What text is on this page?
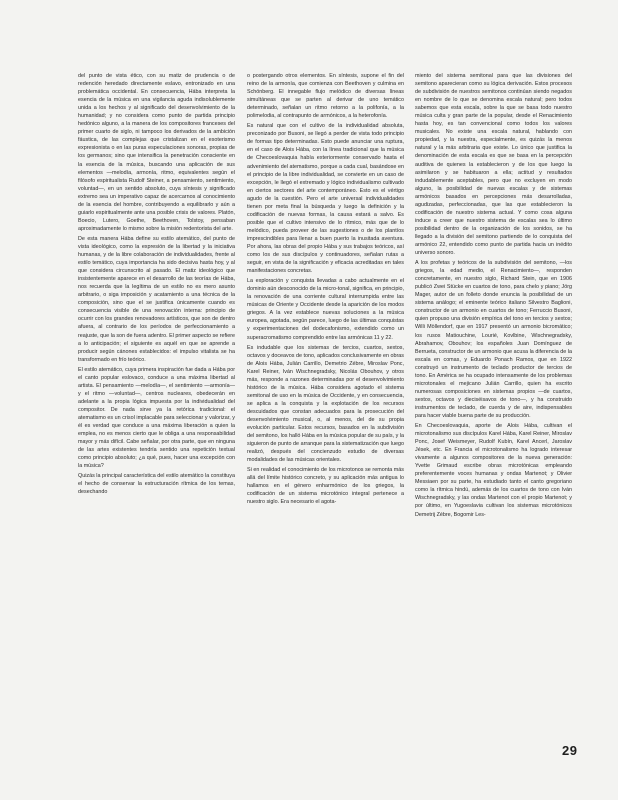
del punto de vista ético, con su matiz de prudencia o de redención heredado directamente eslavo, entronizado en una problemática occidental. En consecuencia, Hába interpreta la esencia de la música en una vigilancia aguda indisolublemente unida a los hechos y al significado del desenvolvimiento de la humanidad; y no considera como punto de partida principio hedónico alguno, a la manera de los compositores franceses del primer cuarto de siglo, ni tampoco los derivados de la ambición fáustica, de las complejas que cristalizan en el esoterismo expresionista o en las puras especulaciones sonoras, propias de los germanos; sino que intensifica la penetración consciente en la esencia de la música, buscando una aplicación de sus elementos —melodía, armonía, ritmo, equivalentes según el filósofo espiritualista Rudolf Steiner, a pensamiento, sentimiento, voluntad—, en un sentido absoluto, cuya síntesis y significado extremo sea un imperativo capaz de acercarnos al conocimiento de la esencia del hombre, contribuyendo a equilibrarlo y aún a guiarlo espiritualmente ante una posible crisis de valores. Platón, Boecio, Lutero, Goethe, Beethoven, Tolstoy, pensaban aproximadamente lo mismo sobre la misión redentorista del arte.

De esta manera Hába define su estilo atemático, del punto de vista ideológico, como la expresión de la libertad y la iniciativa humanas, y de la libre colaboración de individualidades, frente al estilo temático, cuya importancia ha sido decisiva hasta hoy, y al que considera circunscrito al pasado. El matiz ideológico que insistentemente aparece en el desarrollo de las teorías de Hába, nos recuerda que la legítima de un estilo no es mero asunto arbitrario, o siga imposición y acatamiento a una técnica de la composición, sino que el se justifica únicamente cuando es consecuencia visible de una renovación interna: principio de ocurrir con los grandes renovadores artísticos, que son de dentro afuera, al contrario de los períodos de perfeccionamiento a reajuste, que la son de fuera adentro. El primer aspecto se refiere a lo anticipación; el siguiente es aquél en que se aprende a producir según cánones establecidos: el impulso vitalista se ha transformado en frío teórico.

El estilo atemático, cuya primera inspiración fue dada a Hába por el canto popular eslovaco, conduce a una máxima libertad al artista. El pensamiento —melodía—, el sentimiento —armonía— y el ritmo —voluntad—, centros nucleares, obedecerán en adelante a la propia lógica impuesta por la individualidad del compositor. De nada sirve ya la retórica tradicional: el atematismo es un crisol implacable para seleccionar y valorizar, y él es verdad que conduce a una máxima liberación a quien la emplea, no es menos cierto que le obliga a una responsabilidad mayor y más difícil. Cabe señalar, por otra parte, que en ninguna de las artes existentes tendría sentido una repetición textual como principio absoluto; ¿a qué, pues, hacer una excepción con la música?

Quizás la principal característica del estilo atemático la constituya el hecho de conservar la estructuración rítmica de los temas, desechando

o postergando otros elementos. En síntesis, supone el fin del reino de la armonía, que comienza con Beethoven y culmina en Schönberg. El innegable flujo melódico de diversas líneas simultáneas que se parten al derivar de uno temático determinado, señalan un ritmo retorno a la polifonía, a la polimelodia, al contrapunto de armónicos, a la heterofonía.

Es natural que con el cultivo de la individualidad absoluta, preconizado por Busoni, se llegó a perder de vista todo principio de formas tipo determinadas. Esto puede anunciar una ruptura, en el caso de Alois Hába, con la línea tradicional que la música de Checoeslovaquia había exteriormente conservado hasta el advenimiento del atematismo, porque a cada cual, basándose en el principio de la libre individualidad, se convierte en un caso de excepción, le llegó el extremado y lógico individualismo cultivado en ciertos sectores del arte contemporáneo. Esto es el vértigo agudo de la cuestión. Pero el arte universal individualidades tienen por meta final la búsqueda y luego la definición y la codificación de nuevas formas, la causa estará a salvo. Es posible que el cultivo intensivo de lo rítmico, más que de lo melódico, pueda proveer de las sugestiones o de los plantíos imprescindibles para llenar a buen puerto la inusitada aventura. Por ahora, las obras del propio Hába y sus trabajos teóricos, así como los de sus discípulos y continuadores, señalan rutas a seguir, en vista de la significación y eficacia acreditadas en tales manifestaciones concretas.

La exploración y conquista llevadas a cabo actualmente en el dominio aún desconocido de la micro-tonal, significa, en principio, la renovación de una corriente cultural interrumpida entre las músicas de Oriente y Occidente desde la aparición de los modos griegos. A la vez establece nuevas soluciones a la música europea, agotada, según parece, luego de las últimas conquistas y experimentaciones del dodecafonismo, extendido como un superacromatismo comprendido entre las armónicas 11 y 22.

Es indudable que los sistemas de tercios, cuartos, sextos, octavos y doceavos de tono, aplicados conclusivamente en obras de Alois Hába, Julián Carrillo, Demetrio Zébre, Miroslav Ponc, Karel Reiner, Iván Wischnegradsky, Nicolás Obouhov, y otros más, responde a razones determinadas por el desenvolvimiento histórico de la música. Hába considera agotado el sistema semitonal de uso en la música de Occidente, y en consecuencia, se aplica a la conquista y la explotación de los recursos descuidados que constan adecuados para la prosecución del desenvolvimiento musical, o, al menos, del de su propia evolución particular. Estos recursos, basados en la subdivisión del semitono, los halló Hába en la música popular de su país, y la siguieron de punto de arranque para la sistematización que luego realizó, después del concienzudo estudio de diversas modalidades de las músicas orientales.

Si en realidad el conocimiento de los microtonos se remonta más allá del límite histórico concreto, y su aplicación más antigua lo hallamos en el género enharmónico de los griegos, la codificación de un sistema microtónico integral pertenece a nuestro siglo. Era necesario el agota-

miento del sistema semitonal para que las divisiones del semitono aparecieran como su lógica derivación. Estos procesos de subdivisión de nuestros semitonos continúan siendo negados en nombre de lo que se denomina escala natural; pero todos sabemos que esta escala, sobre la que se basa todo nuestro música culta y gran parte de la popular, desde el Renacimiento hasta hoy, es tan convencional como todos los valores musicales. No existe una escala natural, hablando con propiedad, y la nuestra, especialmente, es quizás la menos natural y la más arbitraria que existe. Lo único que justifica la denominación de esta escala es que se basa en la percepción auditiva de quienes la establecieron y de los que luego la asimilaron y se habituaron a ella; actitud y resultados indudablemente aceptables, pero que no excluyen en modo alguno, la posibilidad de nuevas escalas y de sistemas armónicos basados en percepciones más desarrolladas, agudizadas, perfeccionadas, que las que establecieron la codificación de nuestro sistema actual. Y como cosa alguna induce a creer que nuestro sistema de escalas sea lo último posibilidad dentro de la organización de los sonidos, se ha llegado a la división del semitono partiendo de lo conquista del armónico 22, entendido como punto de partida hacia un inédito universo sonoro.

A los profetas y teóricos de la subdivisión del semitono, —los griegos, la edad medio, el Renacimiento—, responden concretamente, en nuestro siglo, Richard Stein, que en 1906 publicó Zwei Stücke en cuartos de tono, para chelo y piano; Jörg Mager, autor de un folleto donde enuncia la posibilidad de un sistema análogo; el eminente teórico italiano Silvestro Baglioni, constructor de un armonio en cuartos de tono; Ferruccio Busoni, quien propuso una división empírica del tono en tercios y sextos; Willi Möllendorf, que en 1917 presentó un armonio bicromático; los rusos Matiouchine, Lourié, Kovlbine, Wischnegradsky, Abrahamov, Obouhov; los españoles Juan Domínguez de Berrueta, constructor de un armonio que acusa la diferencia de la escala en comas, y Eduardo Ponach Ramos, que en 1922 construyó un instrumento de teclado productor de tercios de tono. En América se ha ocupado intensamente de los problemas microtonales el mejicano Julián Carrillo, quien ha escrito numerosas composiciones en sistemas propios —de cuartos, sextos, octavos y dieciséisavos de tono—, y ha construido instrumentos de teclado, de cuerda y de aire, indispensables para hacer viable buena parte de su producción.

En Checoeslovaquia, aporte de Alois Hába, cultivan el microtonalismo sus discípulos Karel Hába, Karel Reiner, Miroslav Ponc, Josef Weismeyer, Rudolf Kubín, Karel Ancerl, Jaroslav Jések, etc. En Francia el microtonalismo ha logrado interesar vivamente a algunos compositores de la nueva generación: Yvette Grimaud escribe obras microtónicas empleando preferentemente voces humanas y ondas Martenot; y Olivier Messiaen por su parte, ha estudiado tanto el canto gregoriano como la rítmica hindú, además de los cuartos de tono con Iván Wischnegradsky, y las ondas Martenot con el propio Martenot; y por último, en Yugoeslavia cultivan los sistemas microtónicos Demetrij Zébre, Bogomir Les-

29
